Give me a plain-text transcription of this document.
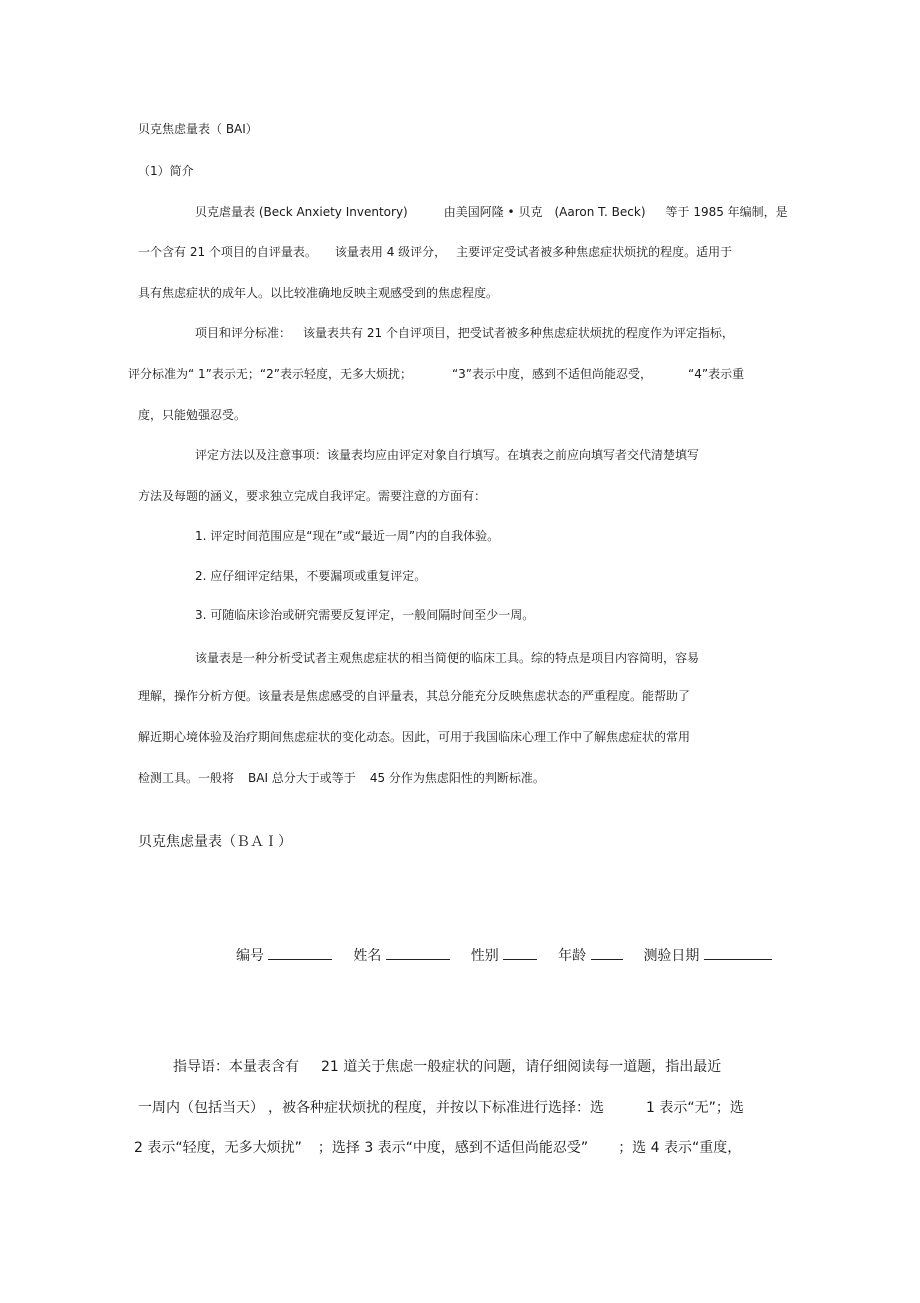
贝克焦虑量表（ BAI）
（1）简介
贝克虐量表 (Beck Anxiety Inventory)	由美国阿隆 • 贝克 (Aaron T. Beck) 等于 1985 年编制，是
一个含有 21 个项目的自评量表。 该量表用 4 级评分， 主要评定受试者被多种焦虑症状烦扰的程度。适用于
具有焦虑症状的成年人。以比较准确地反映主观感受到的焦虑程度。
项目和评分标准： 该量表共有 21 个自评项目，把受试者被多种焦虑症状烦扰的程度作为评定指标，
评分标准为“ 1”表示无；“2”表示轻度，无多大烦扰；	“3”表示中度，感到不适但尚能忍受，	“4”表示重
度，只能勉强忍受。
评定方法以及注意事项：该量表均应由评定对象自行填写。在填表之前应向填写者交代清楚填写
方法及每题的涵义，要求独立完成自我评定。需要注意的方面有：
1. 评定时间范围应是“现在”或“最近一周”内的自我体验。
2. 应仔细评定结果，不要漏项或重复评定。
3. 可随临床诊治或研究需要反复评定，一般间隔时间至少一周。
该量表是一种分析受试者主观焦虑症状的相当简便的临床工具。综的特点是项目内容简明，容易
理解，操作分析方便。该量表是焦虑感受的自评量表，其总分能充分反映焦虑状态的严重程度。能帮助了
解近期心境体验及治疗期间焦虑症状的变化动态。因此，可用于我国临床心理工作中了解焦虑症状的常用
检测工具。一般将 BAI 总分大于或等于 45 分作为焦虑阳性的判断标准。
贝克焦虑量表（ＢＡＩ）
编号	姓名	性别	年龄	测验日期
指导语：本量表含有 21 道关于焦虑一般症状的问题，请仔细阅读每一道题，指出最近
一周内（包括当天） ，被各种症状烦扰的程度，并按以下标准进行选择：选	1 表示“无”；选
2 表示“轻度，无多大烦扰” ；选择 3 表示“中度，感到不适但尚能忍受” ；选 4 表示“重度，
